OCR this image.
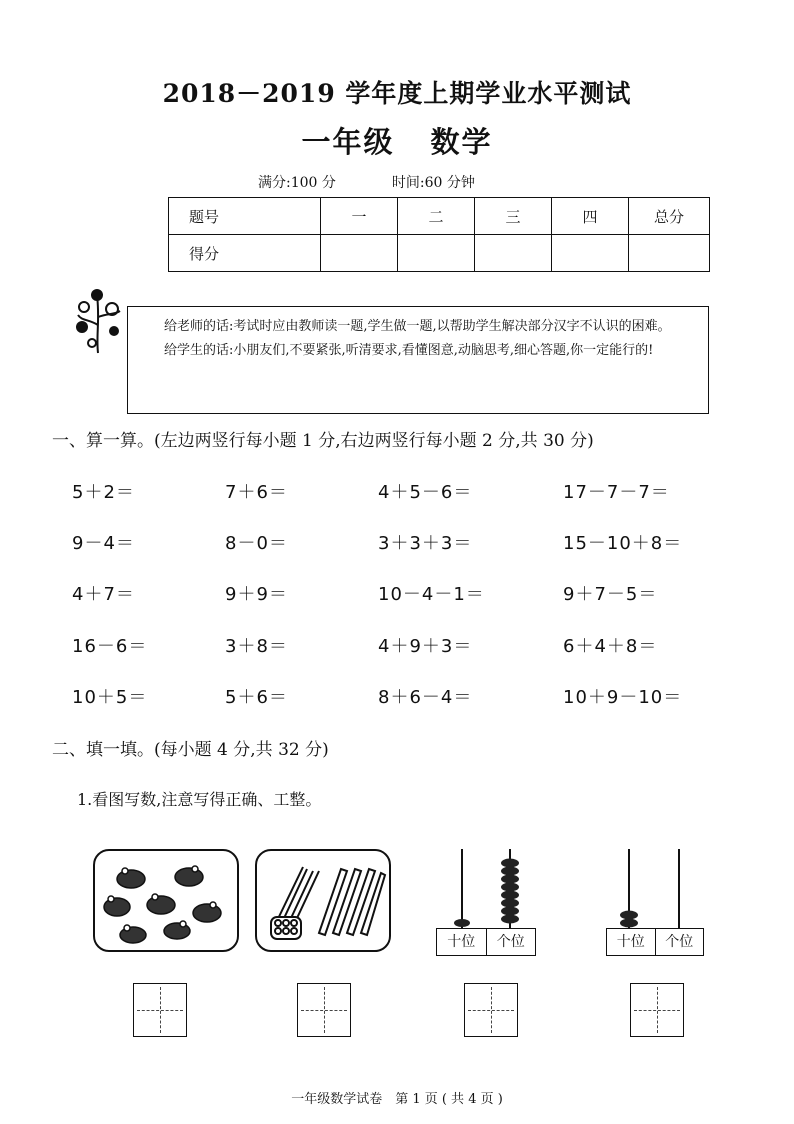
2018－2019 学年度上期学业水平测试
一年级 数学
满分:100 分	时间:60 分钟
题号	一	二	三	四	总分
得分					

给老师的话:考试时应由教师读一题,学生做一题,以帮助学生解决部分汉字不认识的困难。

给学生的话:小朋友们,不要紧张,听清要求,看懂图意,动脑思考,细心答题,你一定能行的!

一、算一算。(左边两竖行每小题 1 分,右边两竖行每小题 2 分,共 30 分)
5＋2＝	7＋6＝	4＋5－6＝	17－7－7＝
9－4＝	8－0＝	3＋3＋3＝	15－10＋8＝
4＋7＝	9＋9＝	10－4－1＝	9＋7－5＝
16－6＝	3＋8＝	4＋9＋3＝	6＋4＋8＝
10＋5＝	5＋6＝	8＋6－4＝	10＋9－10＝
二、填一填。(每小题 4 分,共 32 分)
1.看图写数,注意写得正确、工整。
十位	个位	十位	个位
一年级数学试卷　第 1 页 ( 共 4 页 )
